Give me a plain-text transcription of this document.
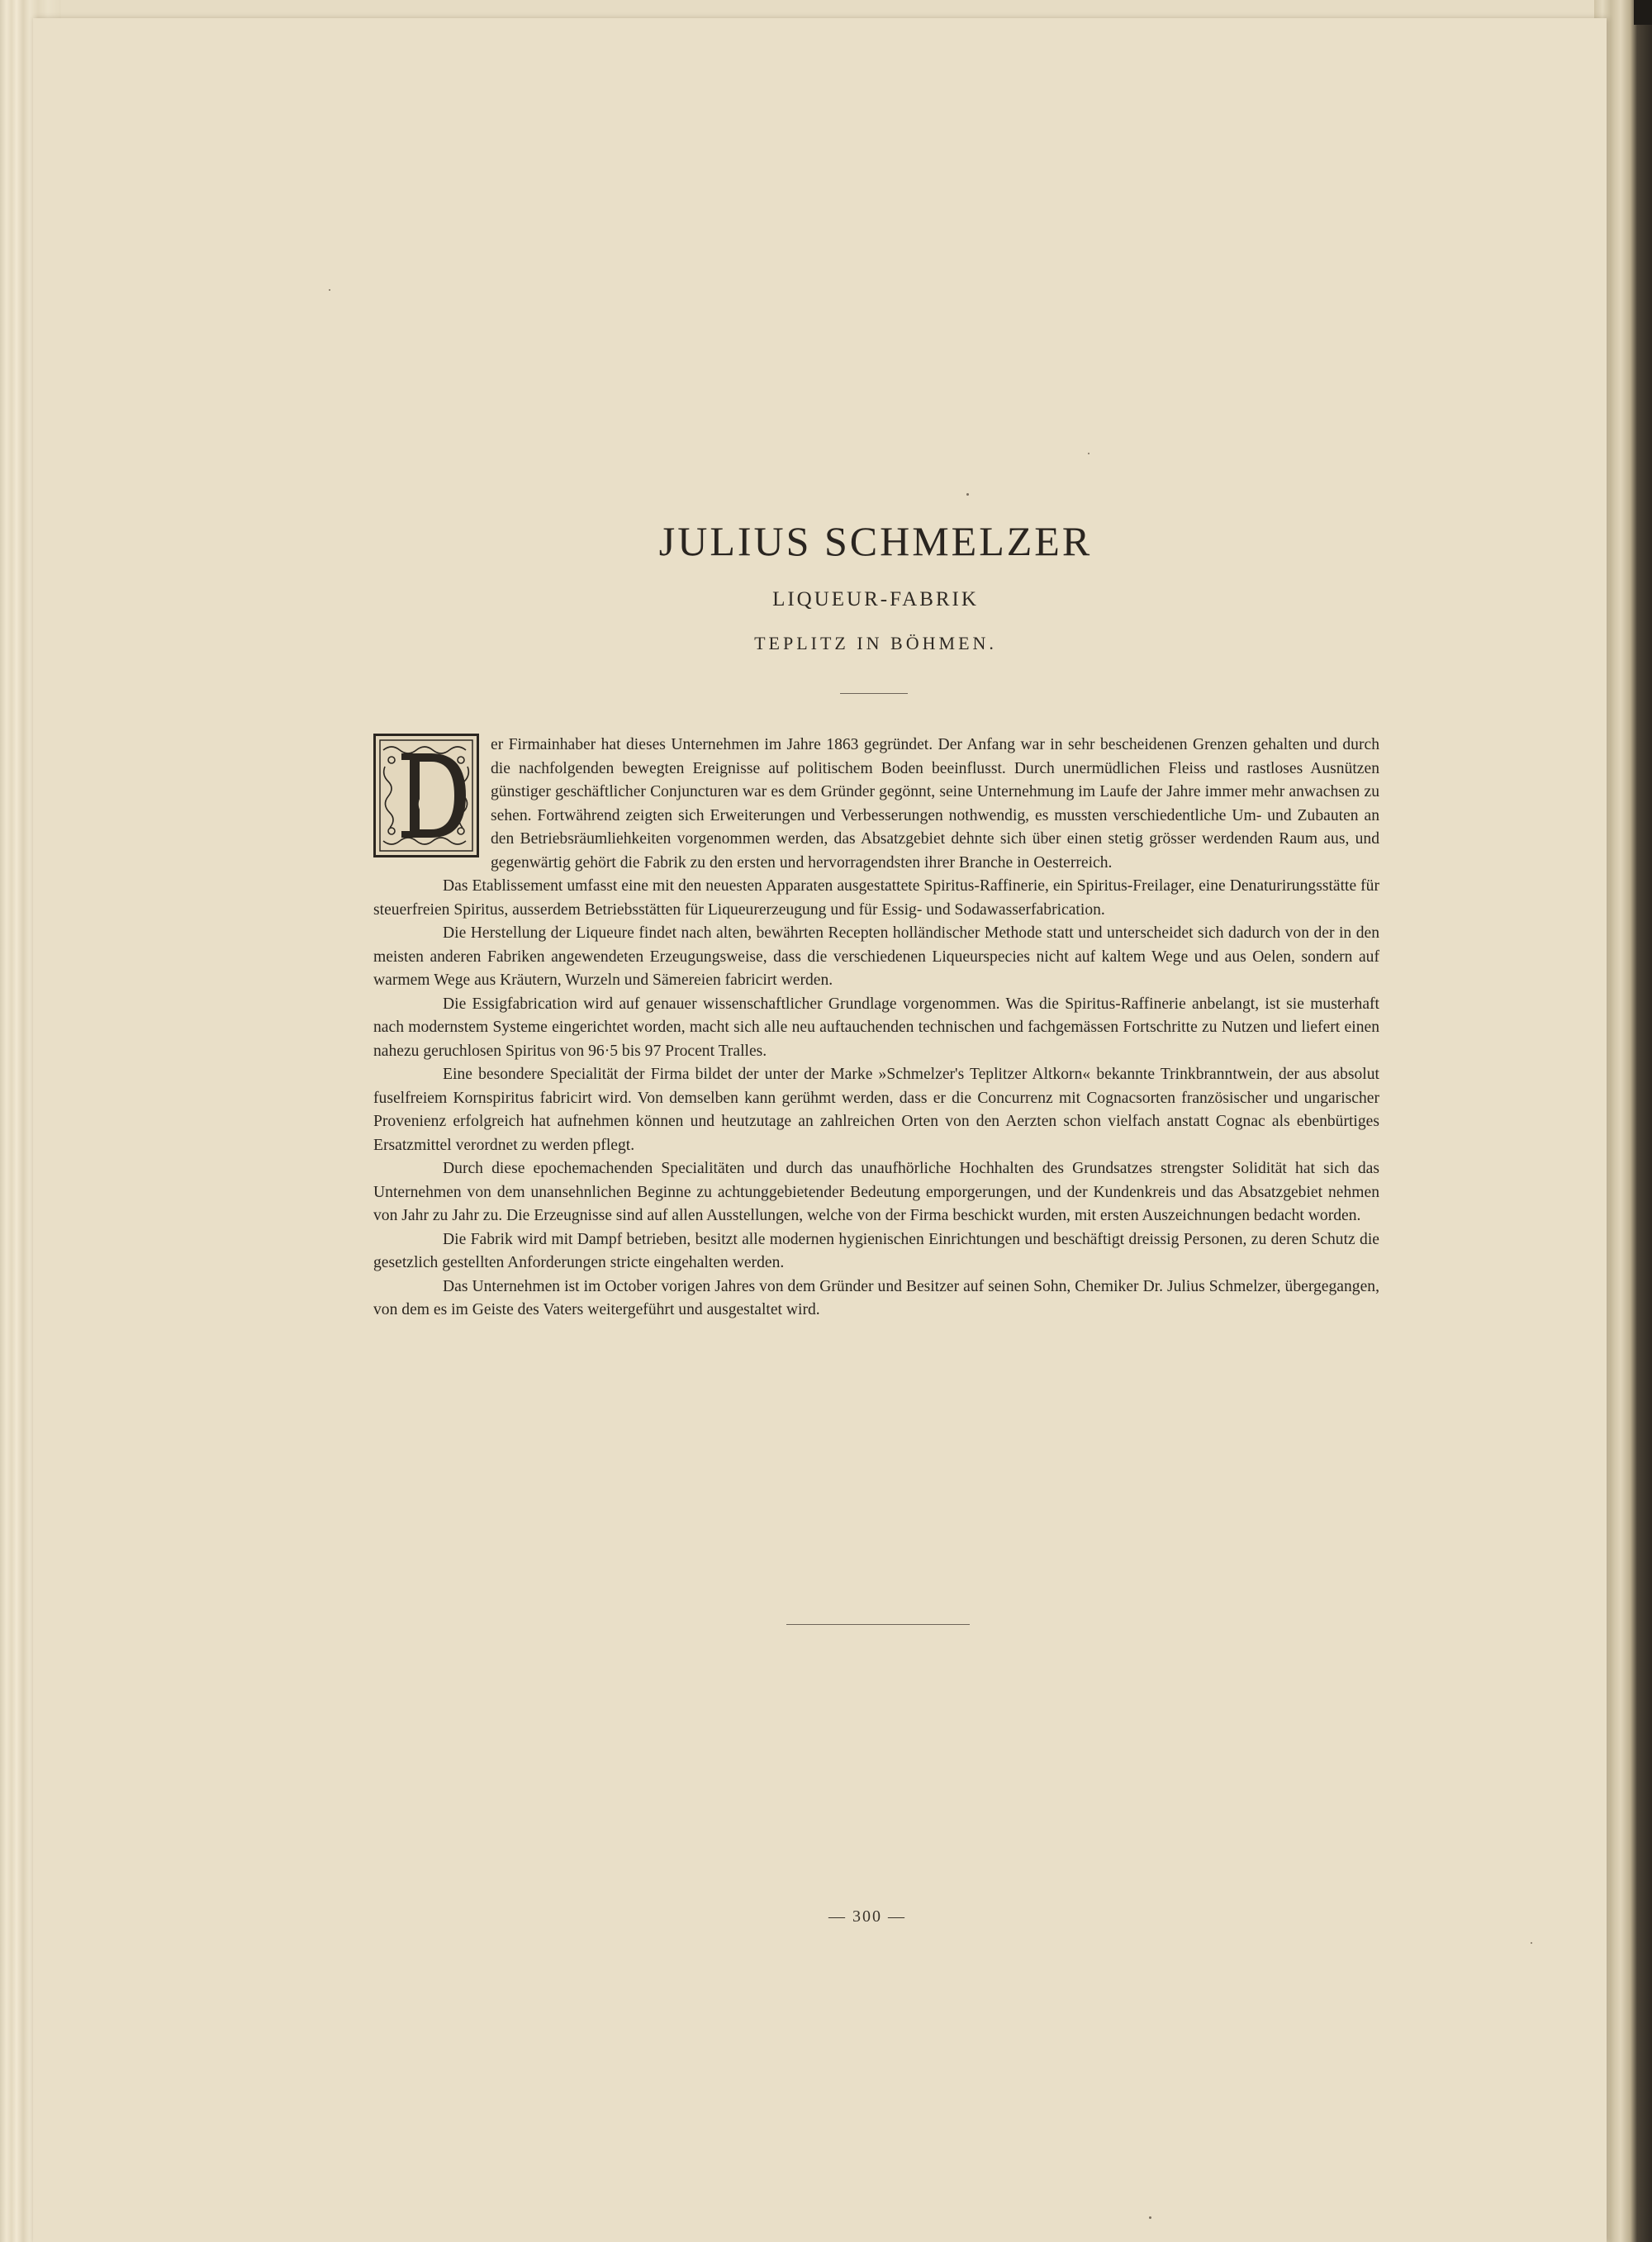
JULIUS SCHMELZER
LIQUEUR-FABRIK
TEPLITZ IN BÖHMEN.

er Firmainhaber hat dieses Unternehmen im Jahre 1863 gegründet. Der Anfang war in sehr bescheidenen Grenzen gehalten und durch die nachfolgenden bewegten Ereignisse auf politischem Boden beeinflusst. Durch unermüdlichen Fleiss und rastloses Ausnützen günstiger geschäftlicher Conjuncturen war es dem Gründer gegönnt, seine Unternehmung im Laufe der Jahre immer mehr anwachsen zu sehen. Fortwährend zeigten sich Erweiterungen und Verbesserungen nothwendig, es mussten verschiedentliche Um- und Zubauten an den Betriebsräumliehkeiten vorgenommen werden, das Absatzgebiet dehnte sich über einen stetig grösser werdenden Raum aus, und gegenwärtig gehört die Fabrik zu den ersten und hervorragendsten ihrer Branche in Oesterreich.

Das Etablissement umfasst eine mit den neuesten Apparaten ausgestattete Spiritus-Raffinerie, ein Spiritus-Freilager, eine Denaturirungsstätte für steuerfreien Spiritus, ausserdem Betriebsstätten für Liqueurerzeugung und für Essig- und Sodawasserfabrication.

Die Herstellung der Liqueure findet nach alten, bewährten Recepten holländischer Methode statt und unterscheidet sich dadurch von der in den meisten anderen Fabriken angewendeten Erzeugungsweise, dass die verschiedenen Liqueurspecies nicht auf kaltem Wege und aus Oelen, sondern auf warmem Wege aus Kräutern, Wurzeln und Sämereien fabricirt werden.

Die Essigfabrication wird auf genauer wissenschaftlicher Grundlage vorgenommen. Was die Spiritus-Raffinerie anbelangt, ist sie musterhaft nach modernstem Systeme eingerichtet worden, macht sich alle neu auftauchenden technischen und fachgemässen Fortschritte zu Nutzen und liefert einen nahezu geruchlosen Spiritus von 96·5 bis 97 Procent Tralles.

Eine besondere Specialität der Firma bildet der unter der Marke »Schmelzer's Teplitzer Altkorn« bekannte Trinkbranntwein, der aus absolut fuselfreiem Kornspiritus fabricirt wird. Von demselben kann gerühmt werden, dass er die Concurrenz mit Cognacsorten französischer und ungarischer Provenienz erfolgreich hat aufnehmen können und heutzutage an zahlreichen Orten von den Aerzten schon vielfach anstatt Cognac als ebenbürtiges Ersatzmittel verordnet zu werden pflegt.

Durch diese epochemachenden Specialitäten und durch das unaufhörliche Hochhalten des Grundsatzes strengster Solidität hat sich das Unternehmen von dem unansehnlichen Beginne zu achtunggebietender Bedeutung emporgerungen, und der Kundenkreis und das Absatzgebiet nehmen von Jahr zu Jahr zu. Die Erzeugnisse sind auf allen Ausstellungen, welche von der Firma beschickt wurden, mit ersten Auszeichnungen bedacht worden.

Die Fabrik wird mit Dampf betrieben, besitzt alle modernen hygienischen Einrichtungen und beschäftigt dreissig Personen, zu deren Schutz die gesetzlich gestellten Anforderungen stricte eingehalten werden.

Das Unternehmen ist im October vorigen Jahres von dem Gründer und Besitzer auf seinen Sohn, Chemiker Dr. Julius Schmelzer, übergegangen, von dem es im Geiste des Vaters weitergeführt und ausgestaltet wird.

— 300 —
